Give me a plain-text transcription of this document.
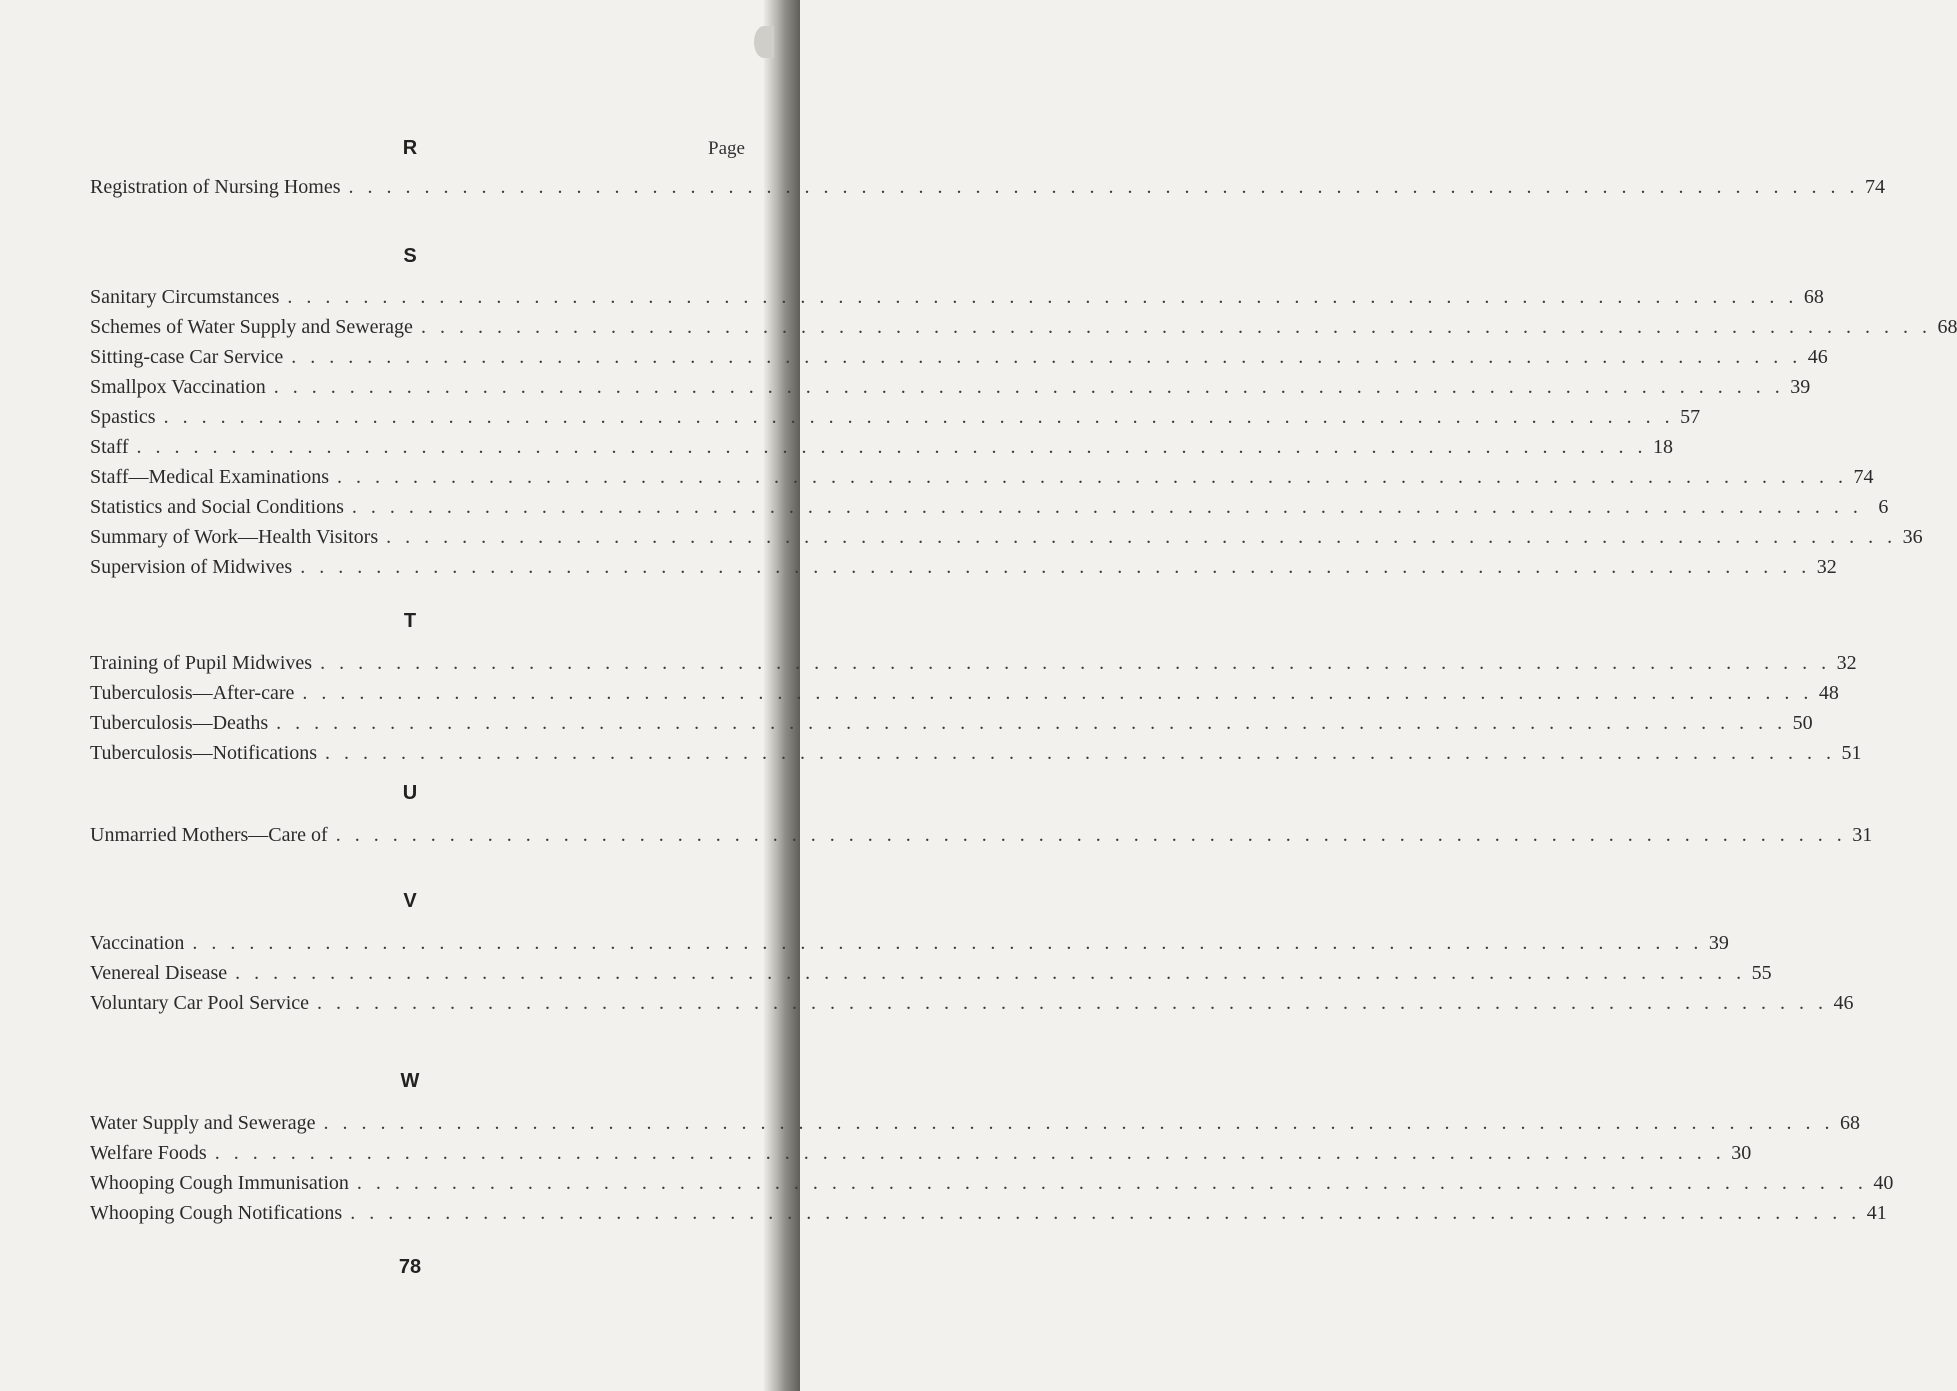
Page
R
Registration of Nursing Homes . . . . . . . . . . . . . . . . . . . . . . . . . . . . . . . . . . . . . . . . . . . . . . . . . . . . . . . . . . . . . . . . . . . . . . . . . . . . . . . . 74
S
Sanitary Circumstances . . . . . . . . . . . . . . . . . . . . . . . . . . . . . . . . . . . . . . . . . . . . . . . . . . . . . . . . . . . . . . . . . . . . . . . . . . . . . . . . 68
Schemes of Water Supply and Sewerage . . . . . . . . . . . . . . . . . . . . . . . . . . . . . . . . . . . . . . . . . . . . . . . . . . . . . . . . . . . . . . . . . . . . . . . . . . . . . . . . 68
Sitting-case Car Service . . . . . . . . . . . . . . . . . . . . . . . . . . . . . . . . . . . . . . . . . . . . . . . . . . . . . . . . . . . . . . . . . . . . . . . . . . . . . . . . 46
Smallpox Vaccination . . . . . . . . . . . . . . . . . . . . . . . . . . . . . . . . . . . . . . . . . . . . . . . . . . . . . . . . . . . . . . . . . . . . . . . . . . . . . . . . 39
Spastics . . . . . . . . . . . . . . . . . . . . . . . . . . . . . . . . . . . . . . . . . . . . . . . . . . . . . . . . . . . . . . . . . . . . . . . . . . . . . . . . 57
Staff . . . . . . . . . . . . . . . . . . . . . . . . . . . . . . . . . . . . . . . . . . . . . . . . . . . . . . . . . . . . . . . . . . . . . . . . . . . . . . . . 18
Staff—Medical Examinations . . . . . . . . . . . . . . . . . . . . . . . . . . . . . . . . . . . . . . . . . . . . . . . . . . . . . . . . . . . . . . . . . . . . . . . . . . . . . . . . 74
Statistics and Social Conditions . . . . . . . . . . . . . . . . . . . . . . . . . . . . . . . . . . . . . . . . . . . . . . . . . . . . . . . . . . . . . . . . . . . . . . . . . . . . . . . . 6
Summary of Work—Health Visitors . . . . . . . . . . . . . . . . . . . . . . . . . . . . . . . . . . . . . . . . . . . . . . . . . . . . . . . . . . . . . . . . . . . . . . . . . . . . . . . . 36
Supervision of Midwives . . . . . . . . . . . . . . . . . . . . . . . . . . . . . . . . . . . . . . . . . . . . . . . . . . . . . . . . . . . . . . . . . . . . . . . . . . . . . . . . 32
T
Training of Pupil Midwives . . . . . . . . . . . . . . . . . . . . . . . . . . . . . . . . . . . . . . . . . . . . . . . . . . . . . . . . . . . . . . . . . . . . . . . . . . . . . . . . 32
Tuberculosis—After-care . . . . . . . . . . . . . . . . . . . . . . . . . . . . . . . . . . . . . . . . . . . . . . . . . . . . . . . . . . . . . . . . . . . . . . . . . . . . . . . . 48
Tuberculosis—Deaths . . . . . . . . . . . . . . . . . . . . . . . . . . . . . . . . . . . . . . . . . . . . . . . . . . . . . . . . . . . . . . . . . . . . . . . . . . . . . . . . 50
Tuberculosis—Notifications . . . . . . . . . . . . . . . . . . . . . . . . . . . . . . . . . . . . . . . . . . . . . . . . . . . . . . . . . . . . . . . . . . . . . . . . . . . . . . . . 51
U
Unmarried Mothers—Care of . . . . . . . . . . . . . . . . . . . . . . . . . . . . . . . . . . . . . . . . . . . . . . . . . . . . . . . . . . . . . . . . . . . . . . . . . . . . . . . . 31
V
Vaccination . . . . . . . . . . . . . . . . . . . . . . . . . . . . . . . . . . . . . . . . . . . . . . . . . . . . . . . . . . . . . . . . . . . . . . . . . . . . . . . . 39
Venereal Disease . . . . . . . . . . . . . . . . . . . . . . . . . . . . . . . . . . . . . . . . . . . . . . . . . . . . . . . . . . . . . . . . . . . . . . . . . . . . . . . . 55
Voluntary Car Pool Service . . . . . . . . . . . . . . . . . . . . . . . . . . . . . . . . . . . . . . . . . . . . . . . . . . . . . . . . . . . . . . . . . . . . . . . . . . . . . . . . 46
W
Water Supply and Sewerage . . . . . . . . . . . . . . . . . . . . . . . . . . . . . . . . . . . . . . . . . . . . . . . . . . . . . . . . . . . . . . . . . . . . . . . . . . . . . . . . 68
Welfare Foods . . . . . . . . . . . . . . . . . . . . . . . . . . . . . . . . . . . . . . . . . . . . . . . . . . . . . . . . . . . . . . . . . . . . . . . . . . . . . . . . 30
Whooping Cough Immunisation . . . . . . . . . . . . . . . . . . . . . . . . . . . . . . . . . . . . . . . . . . . . . . . . . . . . . . . . . . . . . . . . . . . . . . . . . . . . . . . . 40
Whooping Cough Notifications . . . . . . . . . . . . . . . . . . . . . . . . . . . . . . . . . . . . . . . . . . . . . . . . . . . . . . . . . . . . . . . . . . . . . . . . . . . . . . . . 41
78
